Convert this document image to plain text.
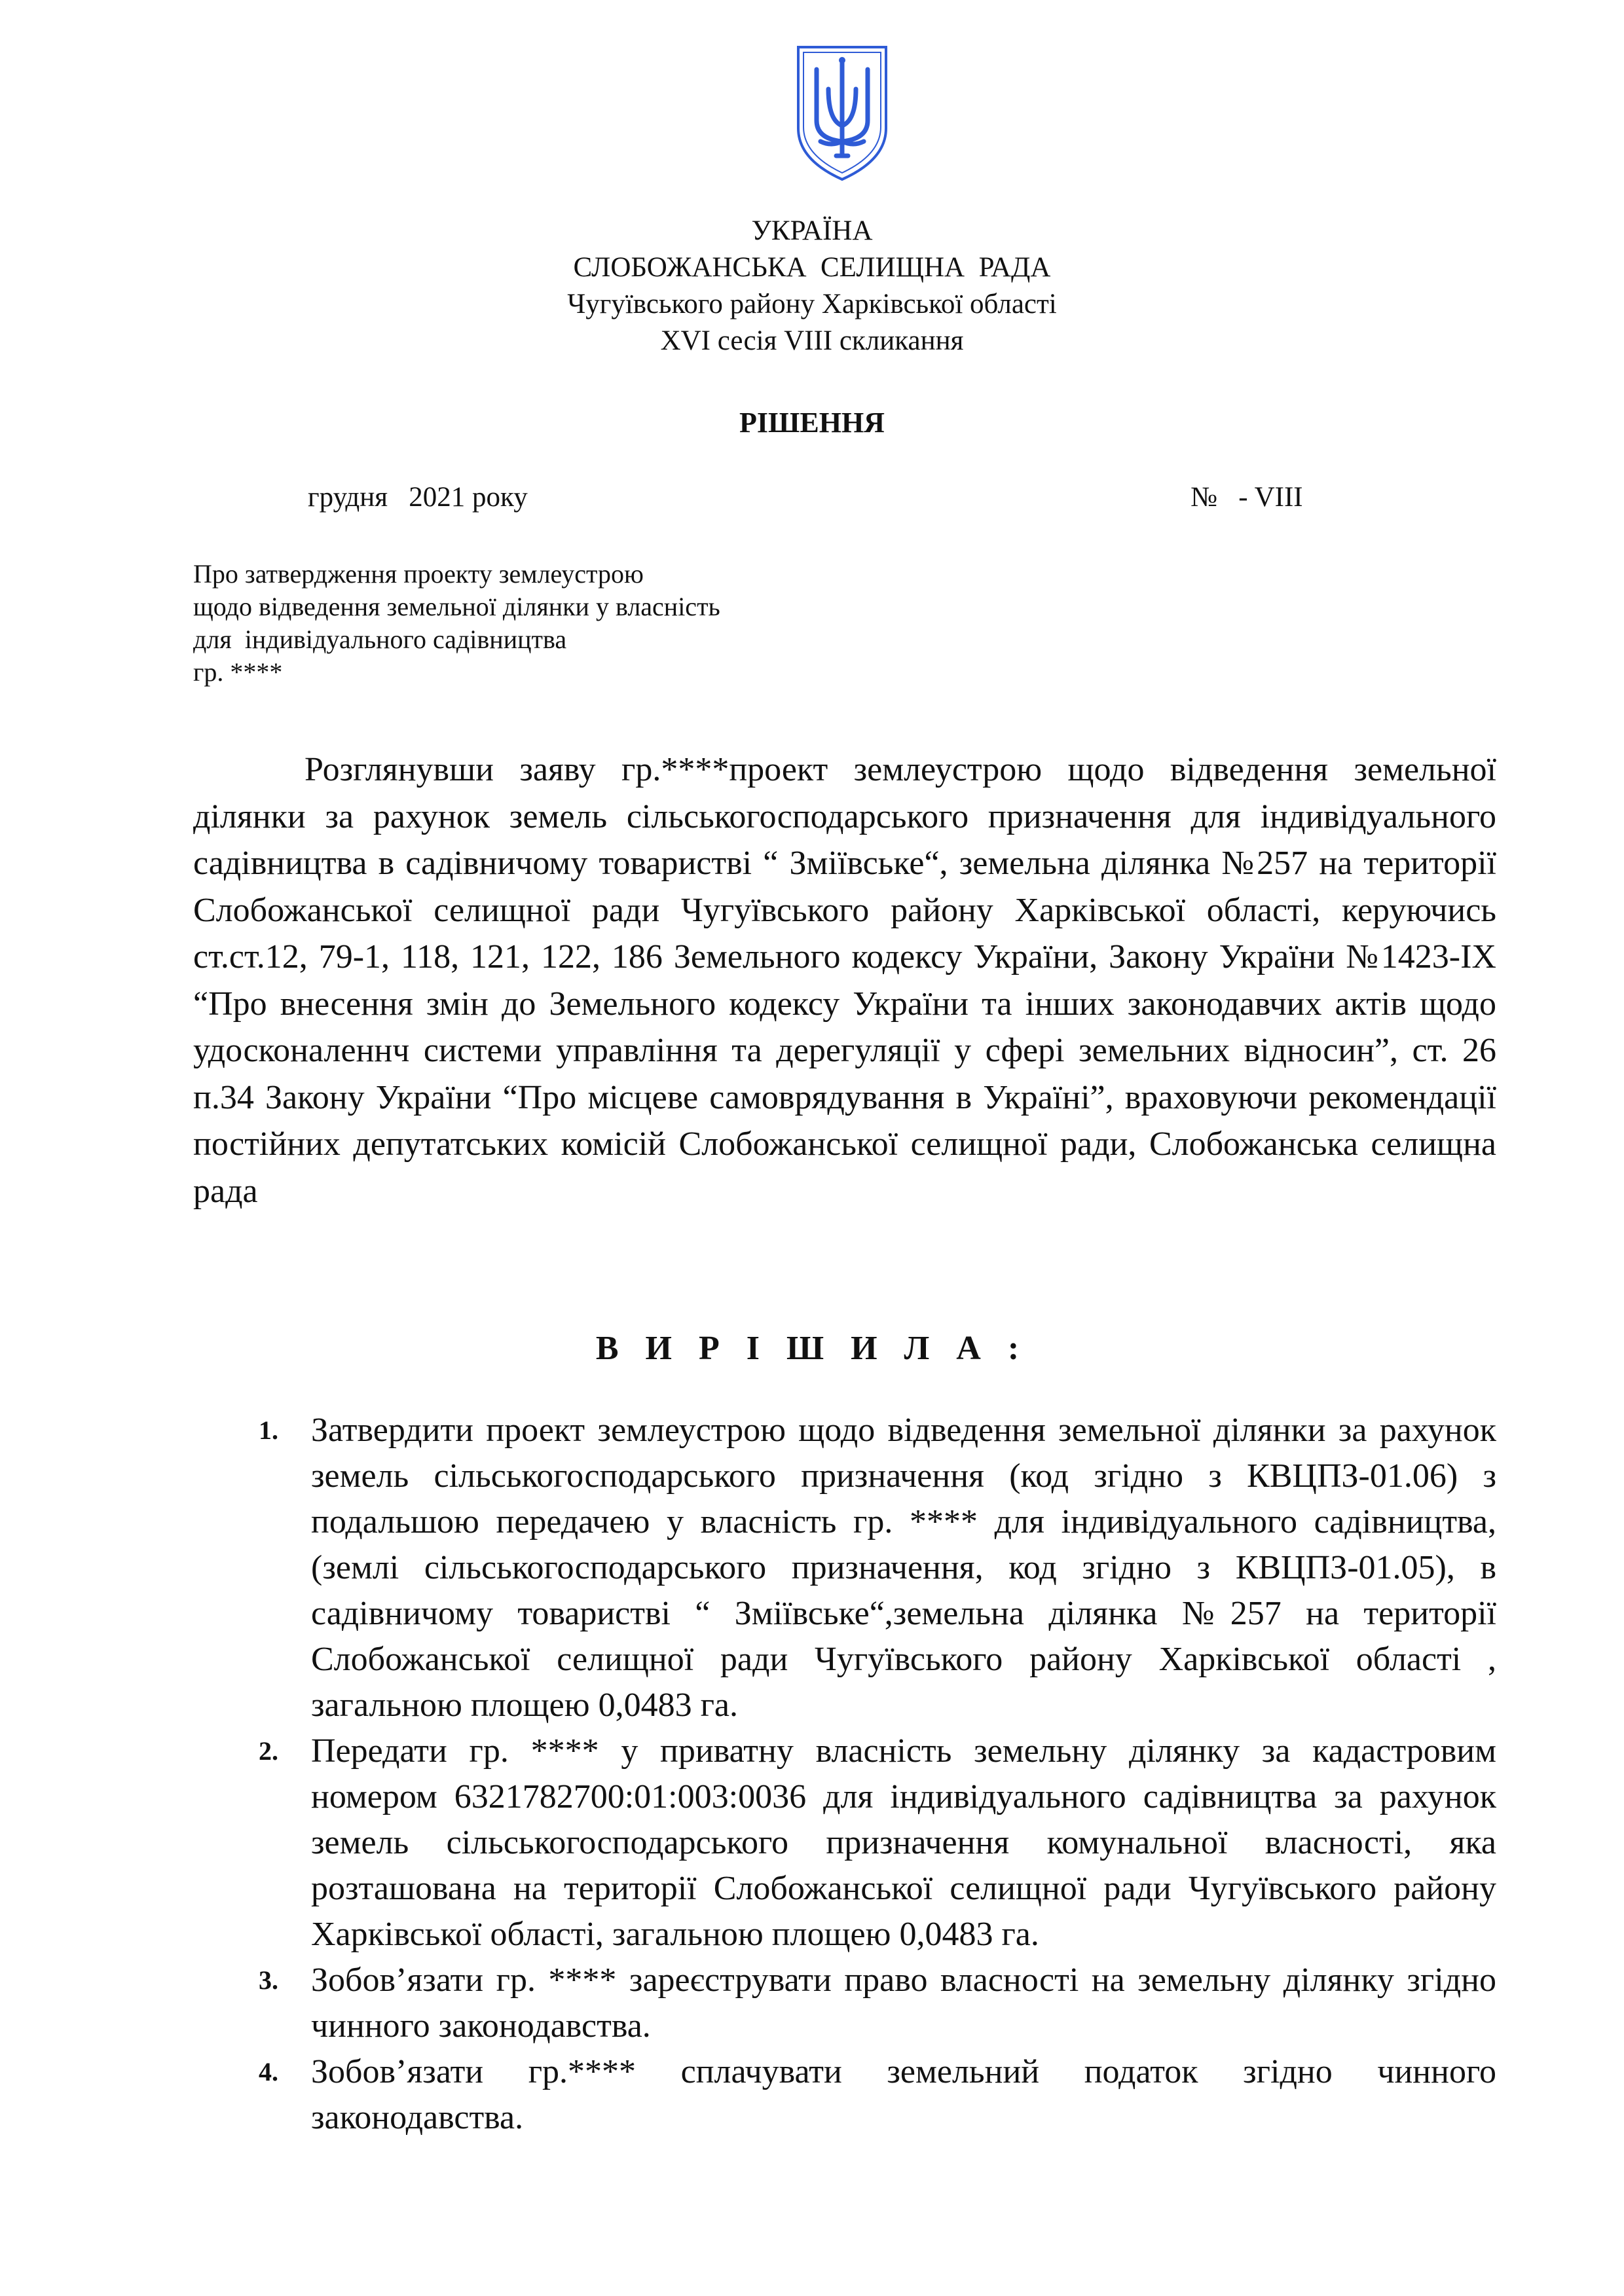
УКРАЇНА
СЛОБОЖАНСЬКА  СЕЛИЩНА  РАДА
Чугуївського району Харківської області
XVI сесія VIII скликання
РІШЕННЯ
грудня   2021 року	№   - VIII
Про затвердження проекту землеустрою
щодо відведення земельної ділянки у власність
для  індивідуального садівництва
гр. ****

Розглянувши заяву гр.****проект землеустрою щодо відведення земельної ділянки за рахунок земель сільськогосподарського призначення для індивідуального садівництва в садівничому товаристві “ Зміївське“, земельна ділянка №257 на території Слобожанської селищної ради Чугуївського району Харківської області, керуючись ст.ст.12, 79-1, 118, 121, 122, 186 Земельного кодексу України, Закону України №1423-IX “Про внесення змін до Земельного кодексу України та інших законодавчих актів щодо удосконаленнч системи управління та дерегуляції у сфері земельних відносин”, ст. 26 п.34 Закону України “Про місцеве самоврядування в Україні”, враховуючи рекомендації постійних депутатських комісій Слобожанської селищної ради, Слобожанська селищна рада

В И Р І Ш И Л А :

1. Затвердити проект землеустрою щодо відведення земельної ділянки за рахунок земель сільськогосподарського призначення (код згідно з КВЦПЗ-01.06) з подальшою передачею у власність гр. **** для індивідуального садівництва, (землі сільськогосподарського призначення, код згідно з КВЦПЗ-01.05), в садівничому товаристві “ Зміївське“,земельна ділянка №257 на території Слобожанської селищної ради Чугуївського району Харківської області , загальною площею 0,0483 га.

2. Передати гр. **** у приватну власність земельну ділянку за кадастровим номером 6321782700:01:003:0036 для індивідуального садівництва за рахунок земель сільськогосподарського призначення комунальної власності, яка розташована на території Слобожанської селищної ради Чугуївського району Харківської області, загальною площею 0,0483 га.

3. Зобов’язати гр. **** зареєструвати право власності на земельну ділянку згідно чинного законодавства.

4. Зобов’язати гр.**** сплачувати земельний податок згідно чинного законодавства.
